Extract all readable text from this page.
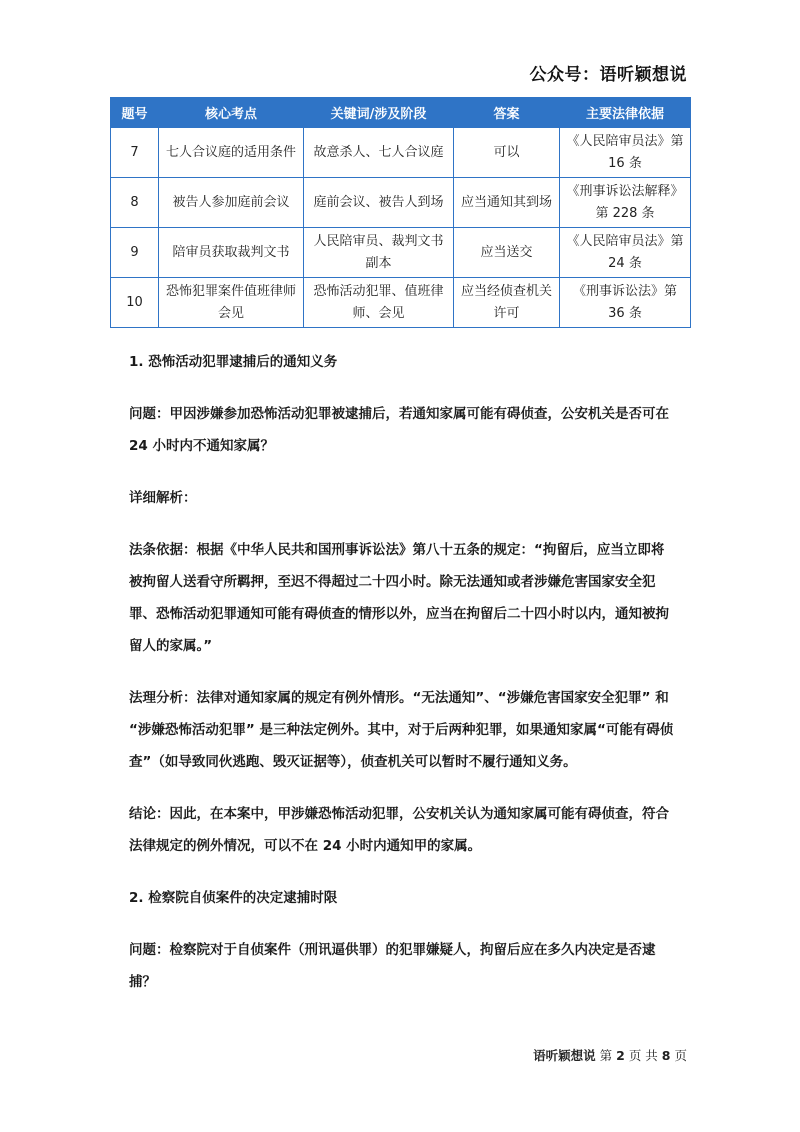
公众号：语听颖想说
题号	核心考点	关键词/涉及阶段	答案	主要法律依据
7	七人合议庭的适用条件	故意杀人、七人合议庭	可以	《人民陪审员法》第 16 条
8	被告人参加庭前会议	庭前会议、被告人到场	应当通知其到场	《刑事诉讼法解释》第 228 条
9	陪审员获取裁判文书	人民陪审员、裁判文书副本	应当送交	《人民陪审员法》第 24 条
10	恐怖犯罪案件值班律师会见	恐怖活动犯罪、值班律师、会见	应当经侦查机关许可	《刑事诉讼法》第 36 条

1. 恐怖活动犯罪逮捕后的通知义务

问题：甲因涉嫌参加恐怖活动犯罪被逮捕后，若通知家属可能有碍侦查，公安机关是否可在 24 小时内不通知家属？

详细解析：

法条依据：根据《中华人民共和国刑事诉讼法》第八十五条的规定：“拘留后，应当立即将被拘留人送看守所羁押，至迟不得超过二十四小时。除无法通知或者涉嫌危害国家安全犯罪、恐怖活动犯罪通知可能有碍侦查的情形以外，应当在拘留后二十四小时以内，通知被拘留人的家属。”

法理分析：法律对通知家属的规定有例外情形。“无法通知”、“涉嫌危害国家安全犯罪” 和 “涉嫌恐怖活动犯罪” 是三种法定例外。其中，对于后两种犯罪，如果通知家属“可能有碍侦查”（如导致同伙逃跑、毁灭证据等），侦查机关可以暂时不履行通知义务。

结论：因此，在本案中，甲涉嫌恐怖活动犯罪，公安机关认为通知家属可能有碍侦查，符合法律规定的例外情况，可以不在 24 小时内通知甲的家属。

2. 检察院自侦案件的决定逮捕时限

问题：检察院对于自侦案件（刑讯逼供罪）的犯罪嫌疑人，拘留后应在多久内决定是否逮捕？

语听颖想说 第 2 页 共 8 页
